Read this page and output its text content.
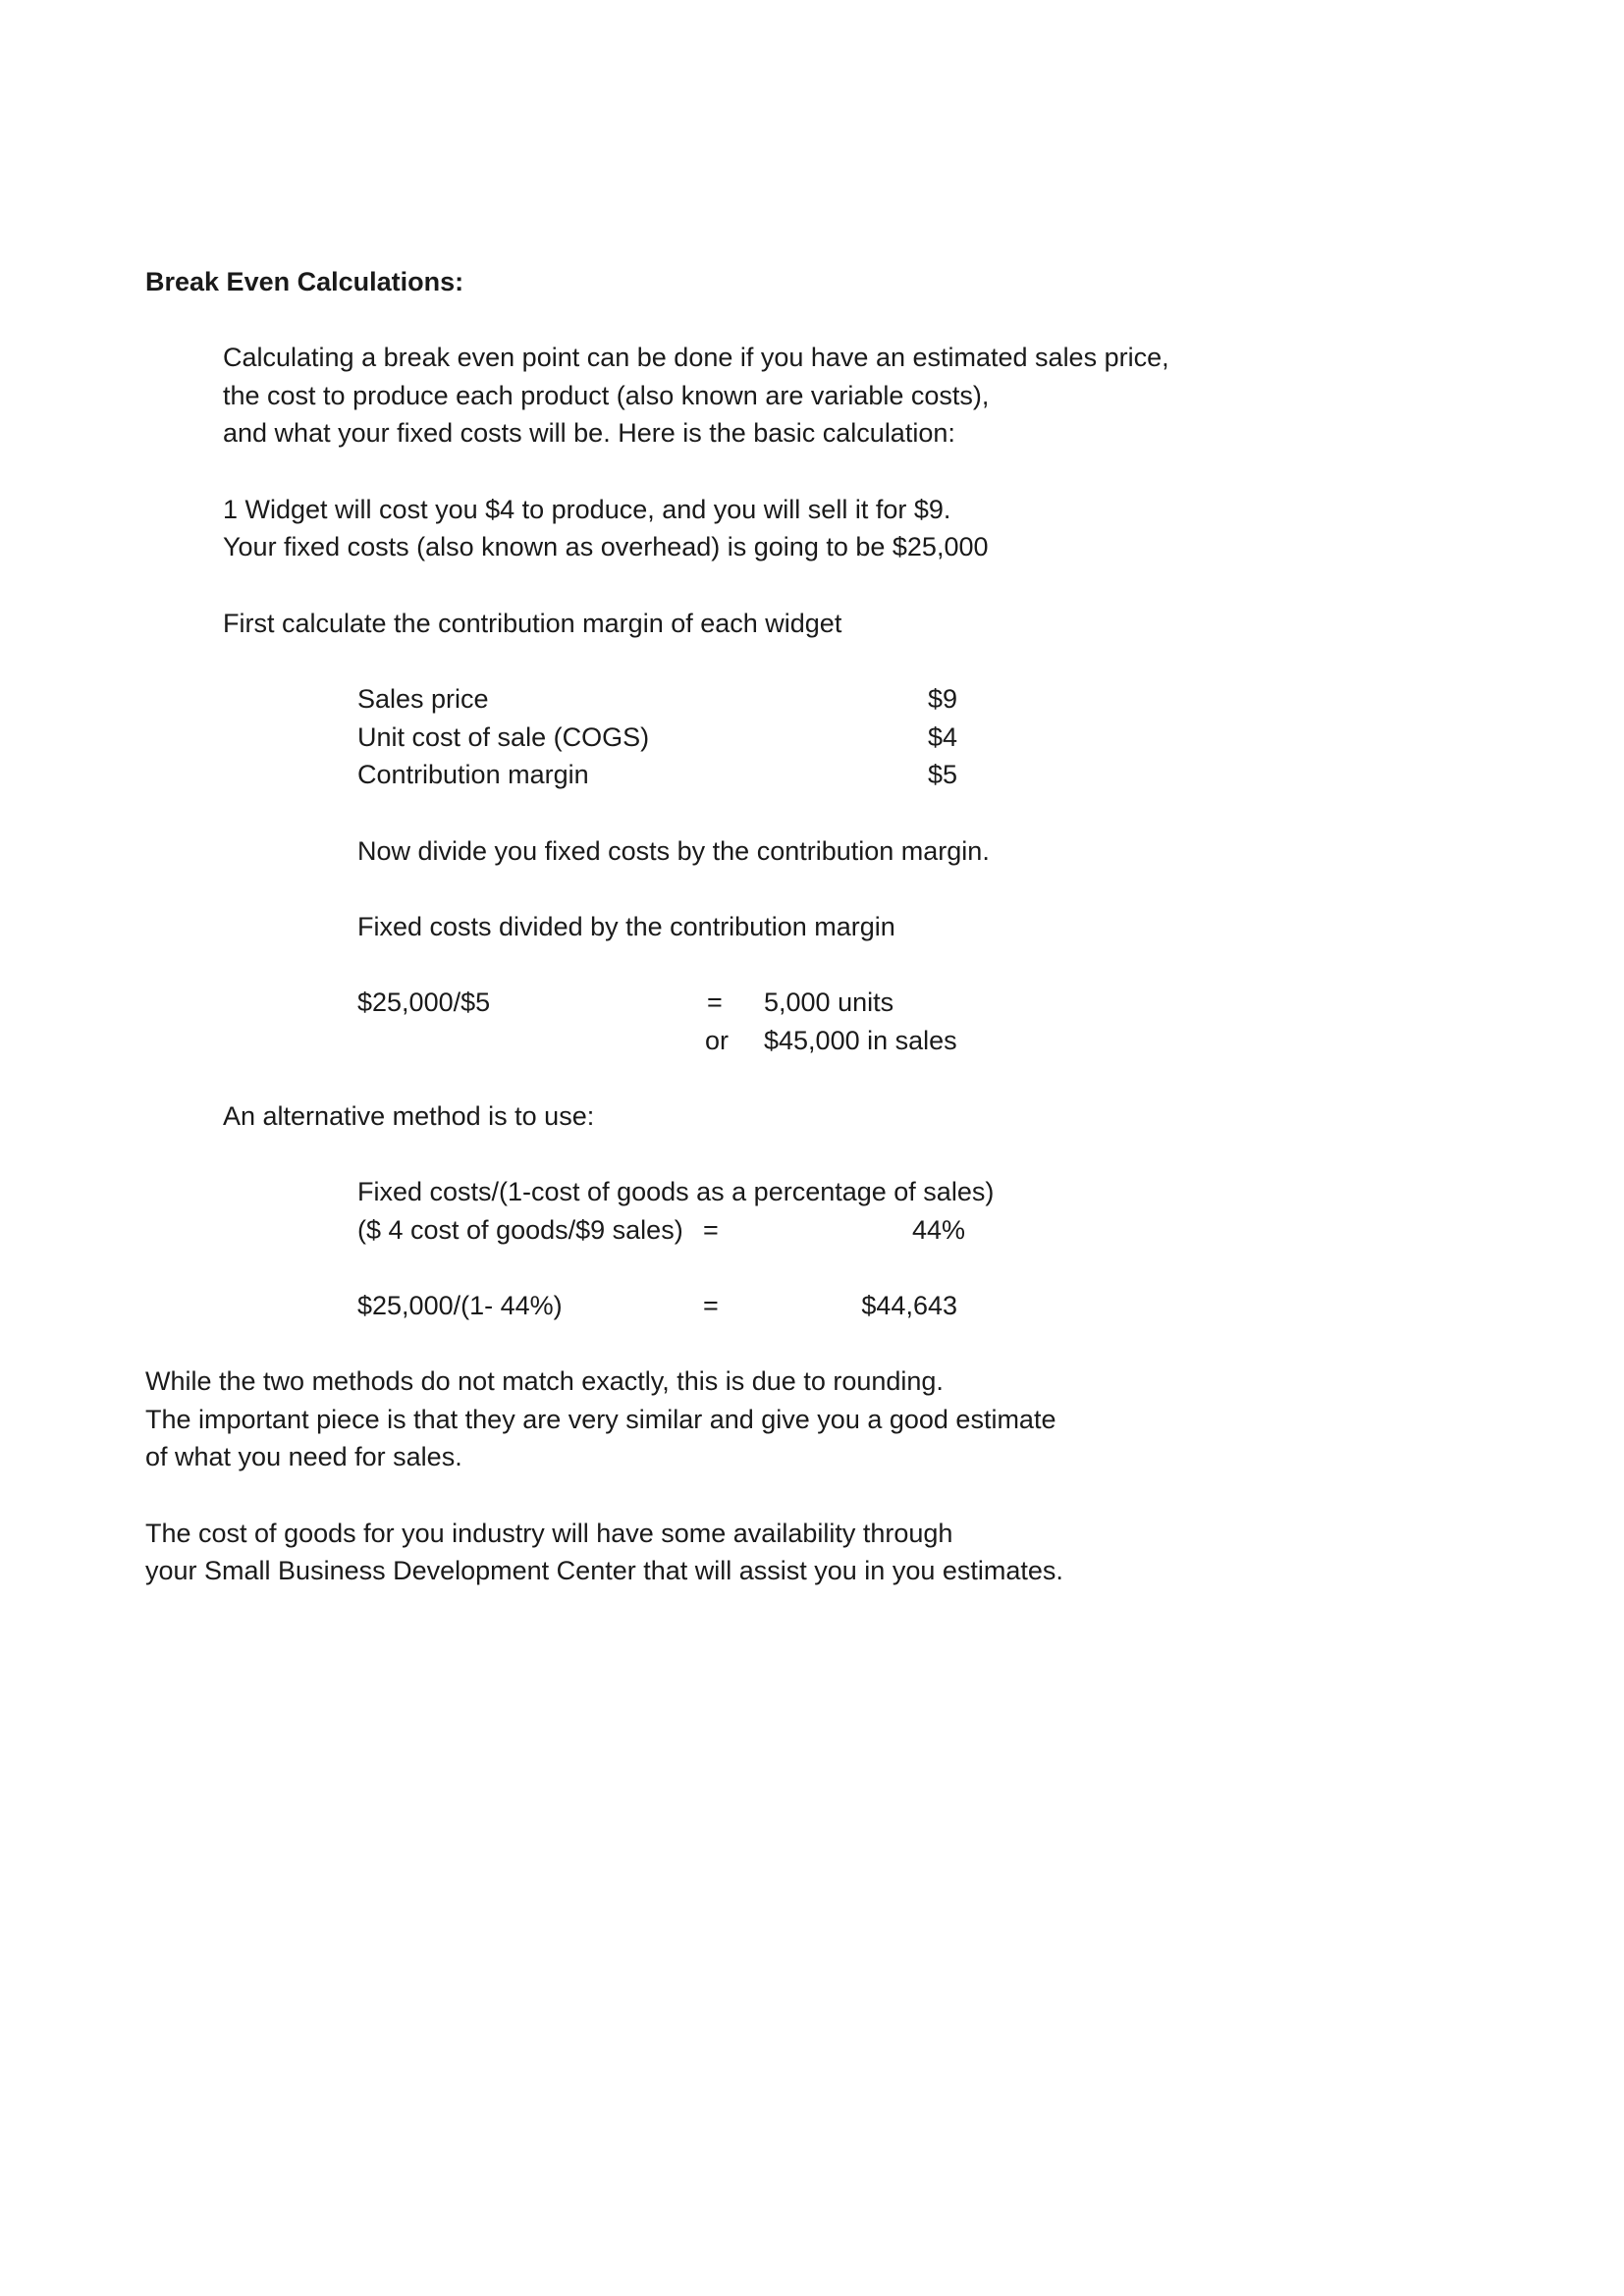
Break Even Calculations:
Calculating a break even point can be done if you have an estimated sales price,
the cost to produce each product (also known are variable costs),
and what your fixed costs will be. Here is the basic calculation:
1 Widget will cost you $4 to produce, and you will sell it for $9.
Your fixed costs (also known as overhead) is going to be $25,000
First calculate the contribution margin of each widget
Sales price	$9
Unit cost of sale (COGS)	$4
Contribution margin	$5
Now divide you fixed costs by the contribution margin.
Fixed costs divided by the contribution margin
$25,000/$5	= 5,000 units
or $45,000 in sales
An alternative method is to use:
Fixed costs/(1-cost of goods as a percentage of sales)
($ 4 cost of goods/$9 sales) =	44%
$25,000/(1- 44%)	=	$44,643
While the two methods do not match exactly, this is due to rounding.
The important piece is that they are very similar and give you a good estimate
of what you need for sales.
The cost of goods for you industry will have some availability through
your Small Business Development Center that will assist you in you estimates.
